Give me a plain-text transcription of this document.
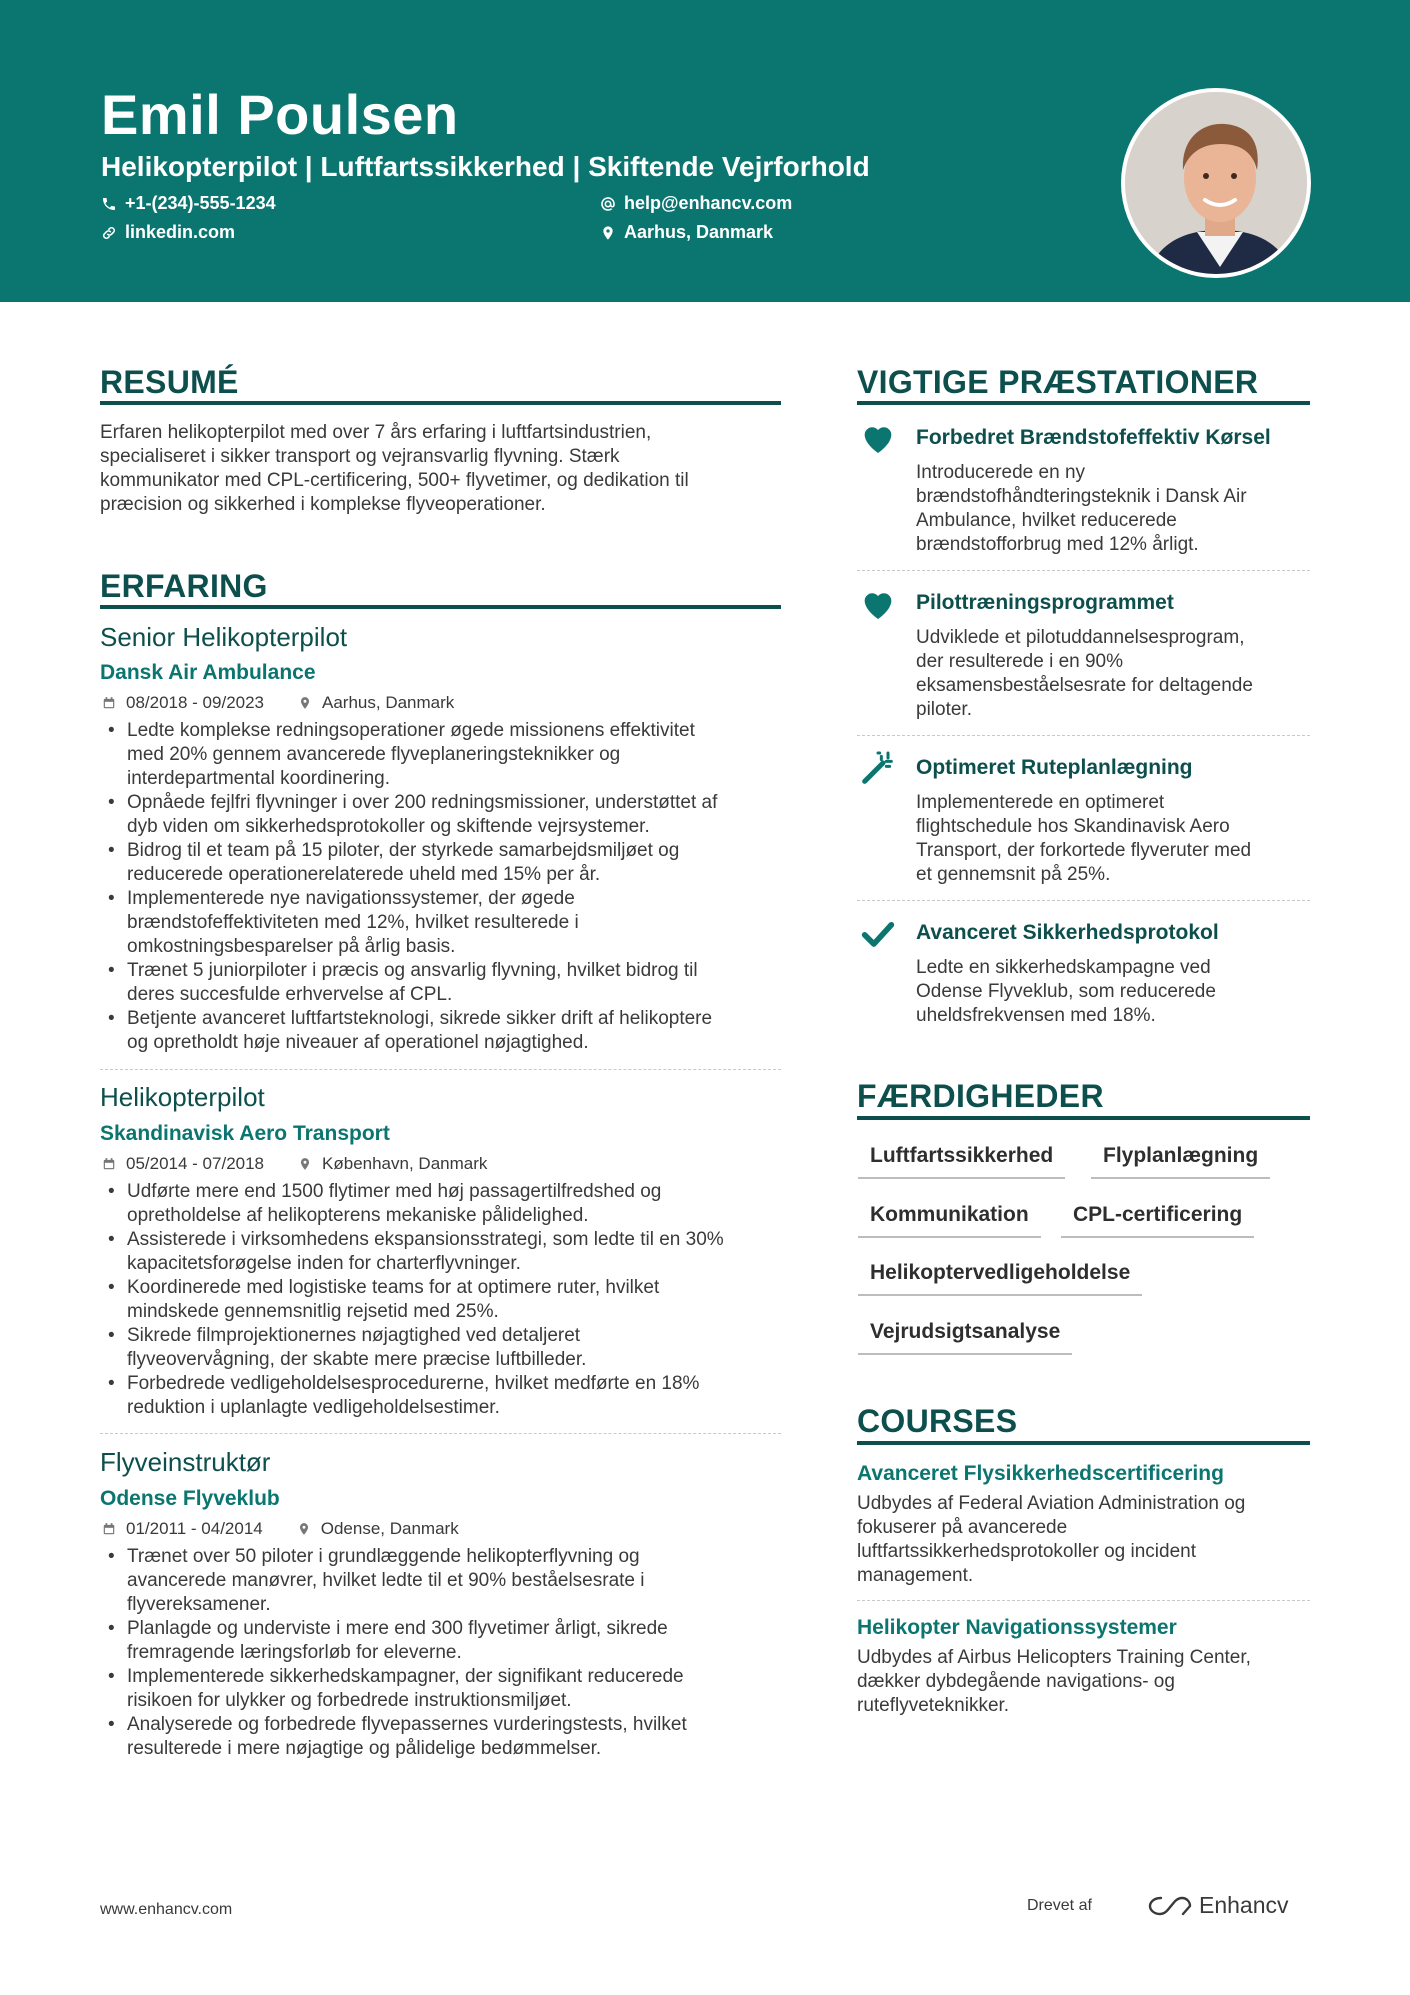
Emil Poulsen
Helikopterpilot | Luftfartssikkerhed | Skiftende Vejrforhold
+1-(234)-555-1234	help@enhancv.com
linkedin.com	Aarhus, Danmark
RESUMÉ
Erfaren helikopterpilot med over 7 års erfaring i luftfartsindustrien,
specialiseret i sikker transport og vejransvarlig flyvning. Stærk
kommunikator med CPL-certificering, 500+ flyvetimer, og dedikation til
præcision og sikkerhed i komplekse flyveoperationer.
ERFARING
Senior Helikopterpilot
Dansk Air Ambulance
08/2018 - 09/2023	Aarhus, Danmark
• Ledte komplekse redningsoperationer øgede missionens effektivitet
med 20% gennem avancerede flyveplaneringsteknikker og
interdepartmental koordinering.
• Opnåede fejlfri flyvninger i over 200 redningsmissioner, understøttet af
dyb viden om sikkerhedsprotokoller og skiftende vejrsystemer.
• Bidrog til et team på 15 piloter, der styrkede samarbejdsmiljøet og
reducerede operationerelaterede uheld med 15% per år.
• Implementerede nye navigationssystemer, der øgede
brændstofeffektiviteten med 12%, hvilket resulterede i
omkostningsbesparelser på årlig basis.
• Trænet 5 juniorpiloter i præcis og ansvarlig flyvning, hvilket bidrog til
deres succesfulde erhvervelse af CPL.
• Betjente avanceret luftfartsteknologi, sikrede sikker drift af helikoptere
og opretholdt høje niveauer af operationel nøjagtighed.
Helikopterpilot
Skandinavisk Aero Transport
05/2014 - 07/2018	København, Danmark
• Udførte mere end 1500 flytimer med høj passagertilfredshed og
opretholdelse af helikopterens mekaniske pålidelighed.
• Assisterede i virksomhedens ekspansionsstrategi, som ledte til en 30%
kapacitetsforøgelse inden for charterflyvninger.
• Koordinerede med logistiske teams for at optimere ruter, hvilket
mindskede gennemsnitlig rejsetid med 25%.
• Sikrede filmprojektionernes nøjagtighed ved detaljeret
flyveovervågning, der skabte mere præcise luftbilleder.
• Forbedrede vedligeholdelsesprocedurerne, hvilket medførte en 18%
reduktion i uplanlagte vedligeholdelsestimer.
Flyveinstruktør
Odense Flyveklub
01/2011 - 04/2014	Odense, Danmark
• Trænet over 50 piloter i grundlæggende helikopterflyvning og
avancerede manøvrer, hvilket ledte til et 90% beståelsesrate i
flyvereksamener.
• Planlagde og underviste i mere end 300 flyvetimer årligt, sikrede
fremragende læringsforløb for eleverne.
• Implementerede sikkerhedskampagner, der signifikant reducerede
risikoen for ulykker og forbedrede instruktionsmiljøet.
• Analyserede og forbedrede flyvepassernes vurderingstests, hvilket
resulterede i mere nøjagtige og pålidelige bedømmelser.
VIGTIGE PRÆSTATIONER
Forbedret Brændstofeffektiv Kørsel
Introducerede en ny
brændstofhåndteringsteknik i Dansk Air
Ambulance, hvilket reducerede
brændstofforbrug med 12% årligt.
Pilottræningsprogrammet
Udviklede et pilotuddannelsesprogram,
der resulterede i en 90%
eksamensbeståelsesrate for deltagende
piloter.
Optimeret Ruteplanlægning
Implementerede en optimeret
flightschedule hos Skandinavisk Aero
Transport, der forkortede flyveruter med
et gennemsnit på 25%.
Avanceret Sikkerhedsprotokol
Ledte en sikkerhedskampagne ved
Odense Flyveklub, som reducerede
uheldsfrekvensen med 18%.
FÆRDIGHEDER
Luftfartssikkerhed	Flyplanlægning
Kommunikation	CPL-certificering
Helikoptervedligeholdelse
Vejrudsigtsanalyse
COURSES
Avanceret Flysikkerhedscertificering
Udbydes af Federal Aviation Administration og
fokuserer på avancerede
luftfartssikkerhedsprotokoller og incident
management.
Helikopter Navigationssystemer
Udbydes af Airbus Helicopters Training Center,
dækker dybdegående navigations- og
ruteflyveteknikker.
www.enhancv.com	Drevet af	Enhancv
